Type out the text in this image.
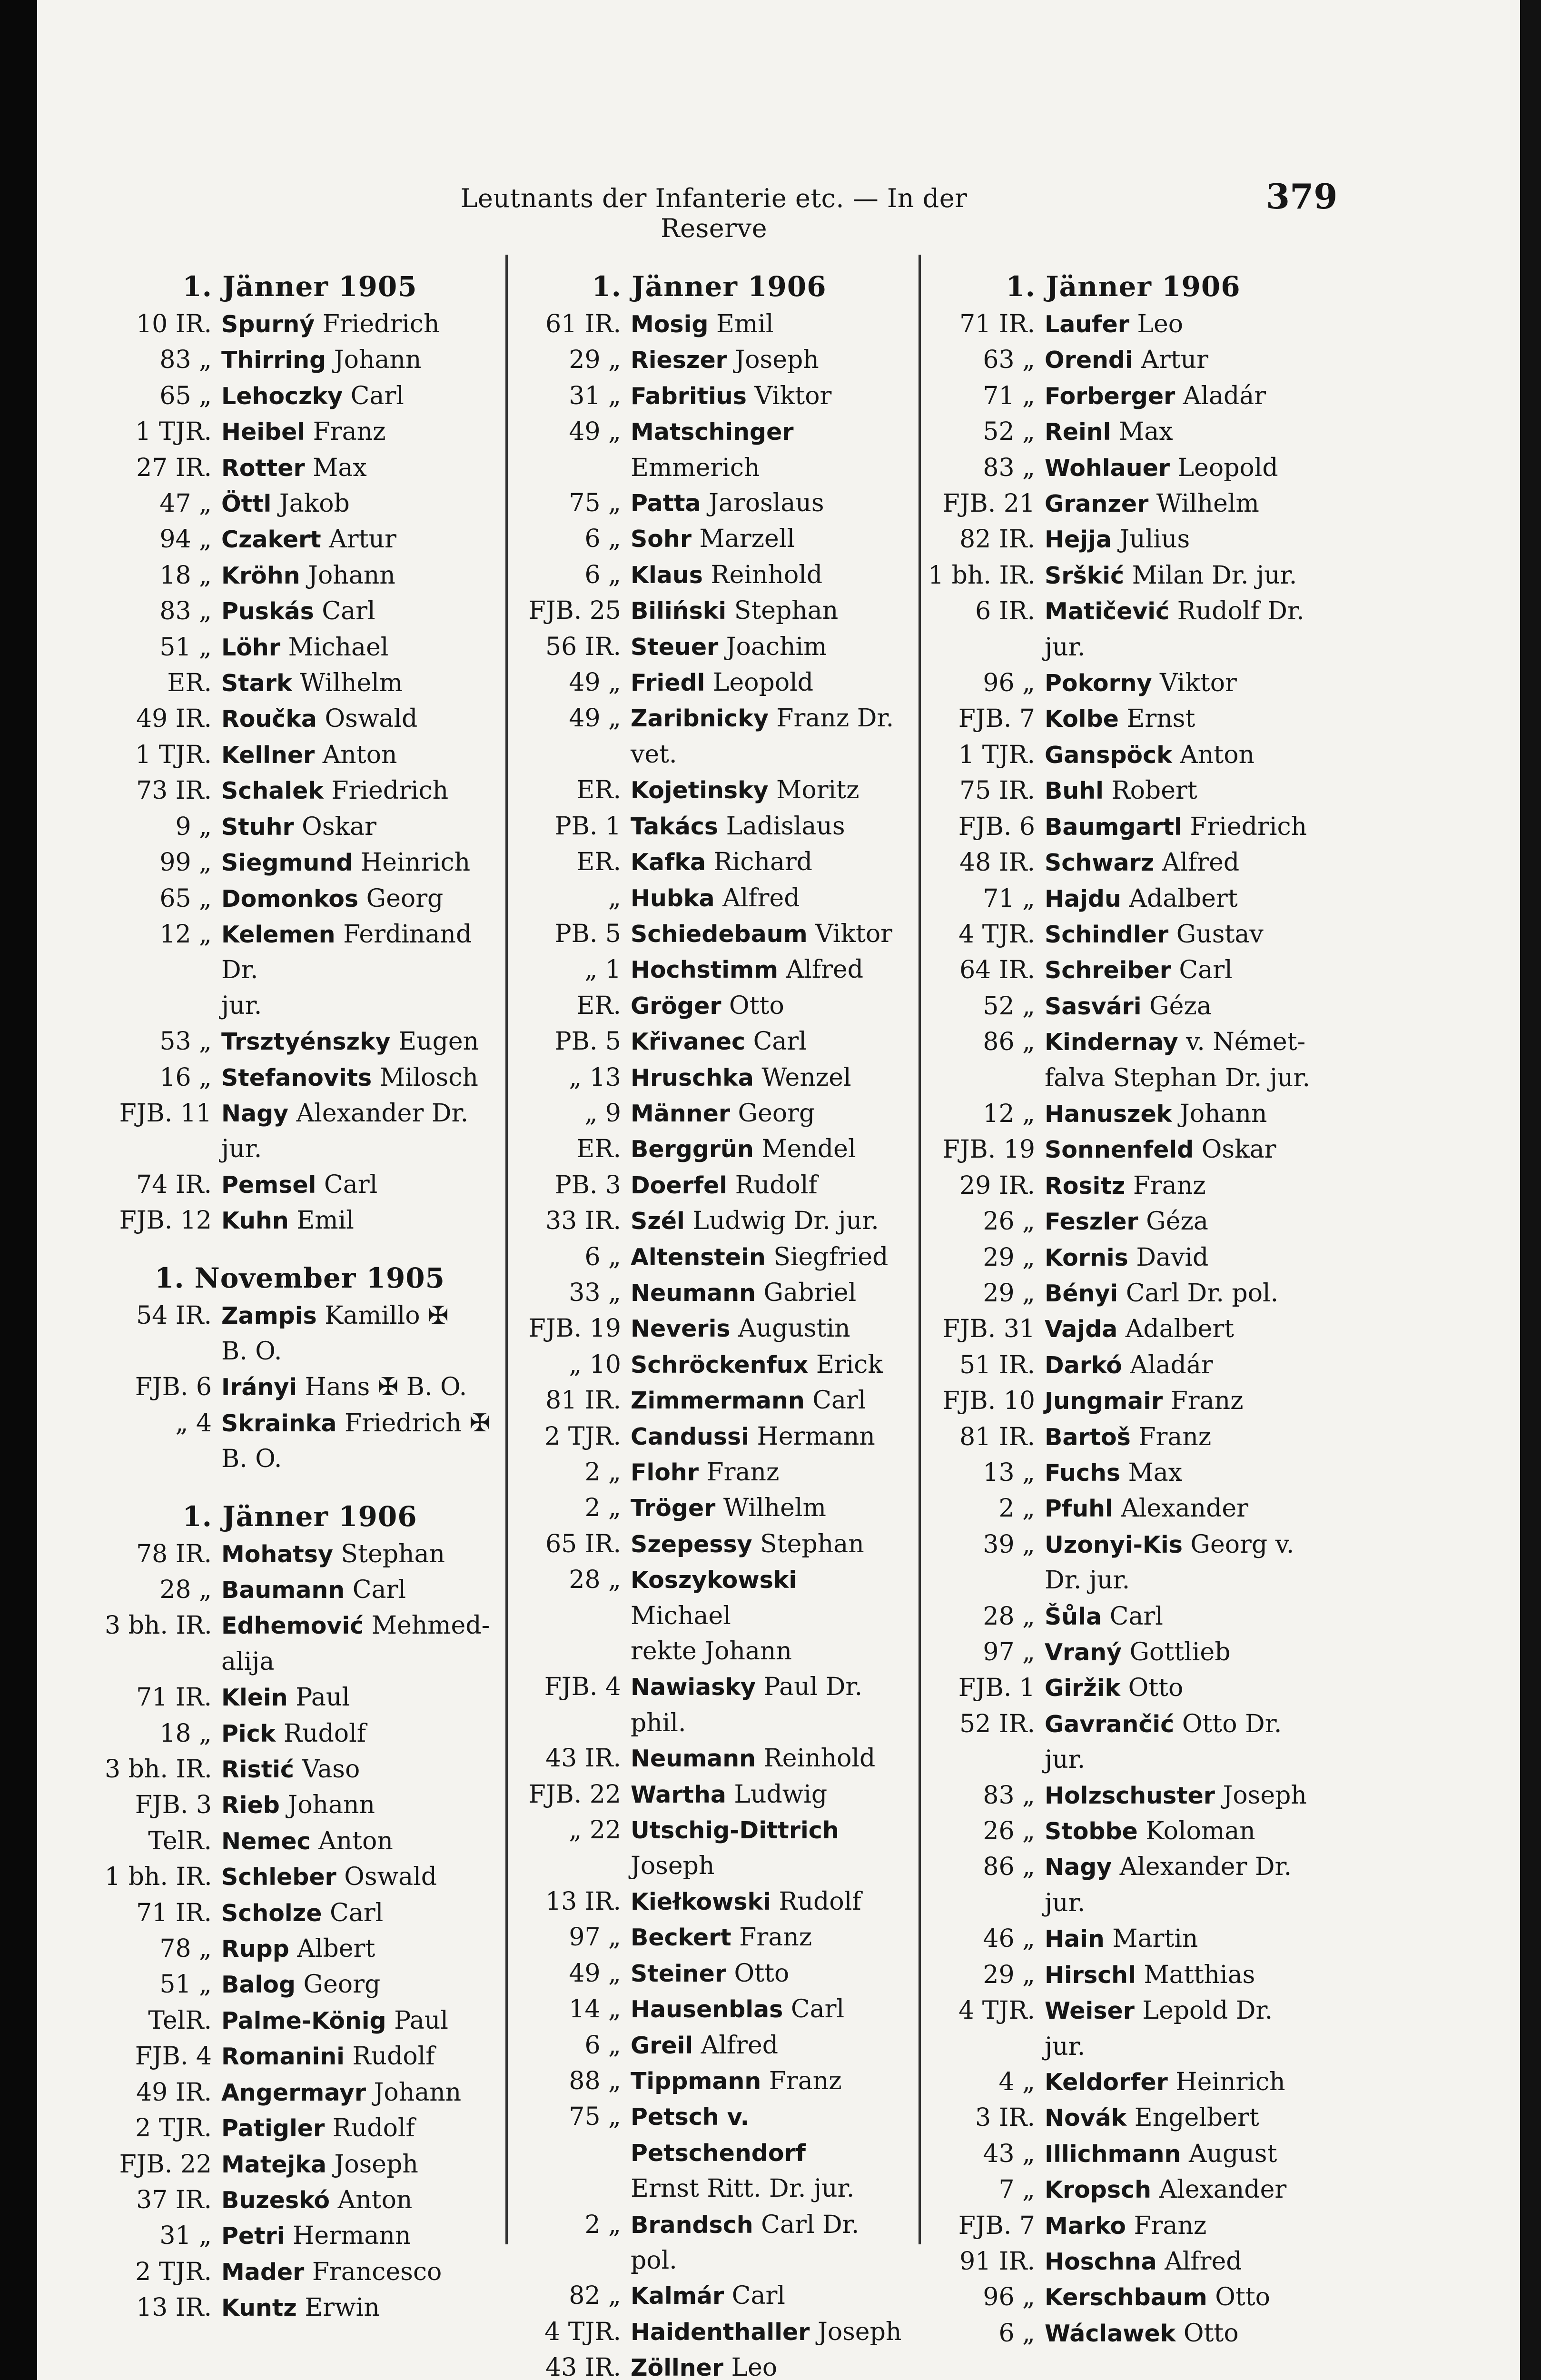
Leutnants der Infanterie etc. — In der Reserve
379
1. Jänner 1905
10 IR. Spurný Friedrich
83 „ Thirring Johann
65 „ Lehoczky Carl
1 TJR. Heibel Franz
27 IR. Rotter Max
47 „ Öttl Jakob
94 „ Czakert Artur
18 „ Kröhn Johann
83 „ Puskás Carl
51 „ Löhr Michael
ER. Stark Wilhelm
49 IR. Roučka Oswald
1 TJR. Kellner Anton
73 IR. Schalek Friedrich
9 „ Stuhr Oskar
99 „ Siegmund Heinrich
65 „ Domonkos Georg
12 „ Kelemen Ferdinand Dr.
jur.
53 „ Trsztyénszky Eugen
16 „ Stefanovits Milosch
FJB. 11 Nagy Alexander Dr. jur.
74 IR. Pemsel Carl
FJB. 12 Kuhn Emil
1. November 1905
54 IR. Zampis Kamillo ✠
B. O.
FJB. 6 Irányi Hans ✠ B. O.
„ 4 Skrainka Friedrich ✠
B. O.
1. Jänner 1906
78 IR. Mohatsy Stephan
28 „ Baumann Carl
3 bh. IR. Edhemović Mehmed-
alija
71 IR. Klein Paul
18 „ Pick Rudolf
3 bh. IR. Ristić Vaso
FJB. 3 Rieb Johann
TelR. Nemec Anton
1 bh. IR. Schleber Oswald
71 IR. Scholze Carl
78 „ Rupp Albert
51 „ Balog Georg
TelR. Palme-König Paul
FJB. 4 Romanini Rudolf
49 IR. Angermayr Johann
2 TJR. Patigler Rudolf
FJB. 22 Matejka Joseph
37 IR. Buzeskó Anton
31 „ Petri Hermann
2 TJR. Mader Francesco
13 IR. Kuntz Erwin
1. Jänner 1906
61 IR. Mosig Emil
29 „ Rieszer Joseph
31 „ Fabritius Viktor
49 „ Matschinger Emmerich
75 „ Patta Jaroslaus
6 „ Sohr Marzell
6 „ Klaus Reinhold
FJB. 25 Biliński Stephan
56 IR. Steuer Joachim
49 „ Friedl Leopold
49 „ Zaribnicky Franz Dr.
vet.
ER. Kojetinsky Moritz
PB. 1 Takács Ladislaus
ER. Kafka Richard
„ Hubka Alfred
PB. 5 Schiedebaum Viktor
„ 1 Hochstimm Alfred
ER. Gröger Otto
PB. 5 Křivanec Carl
„ 13 Hruschka Wenzel
„ 9 Männer Georg
ER. Berggrün Mendel
PB. 3 Doerfel Rudolf
33 IR. Szél Ludwig Dr. jur.
6 „ Altenstein Siegfried
33 „ Neumann Gabriel
FJB. 19 Neveris Augustin
„ 10 Schröckenfux Erick
81 IR. Zimmermann Carl
2 TJR. Candussi Hermann
2 „ Flohr Franz
2 „ Tröger Wilhelm
65 IR. Szepessy Stephan
28 „ Koszykowski Michael
rekte Johann
FJB. 4 Nawiasky Paul Dr. phil.
43 IR. Neumann Reinhold
FJB. 22 Wartha Ludwig
„ 22 Utschig-Dittrich Joseph
13 IR. Kiełkowski Rudolf
97 „ Beckert Franz
49 „ Steiner Otto
14 „ Hausenblas Carl
6 „ Greil Alfred
88 „ Tippmann Franz
75 „ Petsch v. Petschendorf
Ernst Ritt. Dr. jur.
2 „ Brandsch Carl Dr. pol.
82 „ Kalmár Carl
4 TJR. Haidenthaller Joseph
43 IR. Zöllner Leo
1. Jänner 1906
71 IR. Laufer Leo
63 „ Orendi Artur
71 „ Forberger Aladár
52 „ Reinl Max
83 „ Wohlauer Leopold
FJB. 21 Granzer Wilhelm
82 IR. Hejja Julius
1 bh. IR. Srškić Milan Dr. jur.
6 IR. Matičević Rudolf Dr.
jur.
96 „ Pokorny Viktor
FJB. 7 Kolbe Ernst
1 TJR. Ganspöck Anton
75 IR. Buhl Robert
FJB. 6 Baumgartl Friedrich
48 IR. Schwarz Alfred
71 „ Hajdu Adalbert
4 TJR. Schindler Gustav
64 IR. Schreiber Carl
52 „ Sasvári Géza
86 „ Kindernay v. Német-
falva Stephan Dr. jur.
12 „ Hanuszek Johann
FJB. 19 Sonnenfeld Oskar
29 IR. Rositz Franz
26 „ Feszler Géza
29 „ Kornis David
29 „ Bényi Carl Dr. pol.
FJB. 31 Vajda Adalbert
51 IR. Darkó Aladár
FJB. 10 Jungmair Franz
81 IR. Bartoš Franz
13 „ Fuchs Max
2 „ Pfuhl Alexander
39 „ Uzonyi-Kis Georg v.
Dr. jur.
28 „ Šůla Carl
97 „ Vraný Gottlieb
FJB. 1 Giržik Otto
52 IR. Gavrančić Otto Dr. jur.
83 „ Holzschuster Joseph
26 „ Stobbe Koloman
86 „ Nagy Alexander Dr.
jur.
46 „ Hain Martin
29 „ Hirschl Matthias
4 TJR. Weiser Lepold Dr. jur.
4 „ Keldorfer Heinrich
3 IR. Novák Engelbert
43 „ Illichmann August
7 „ Kropsch Alexander
FJB. 7 Marko Franz
91 IR. Hoschna Alfred
96 „ Kerschbaum Otto
6 „ Wáclawek Otto
